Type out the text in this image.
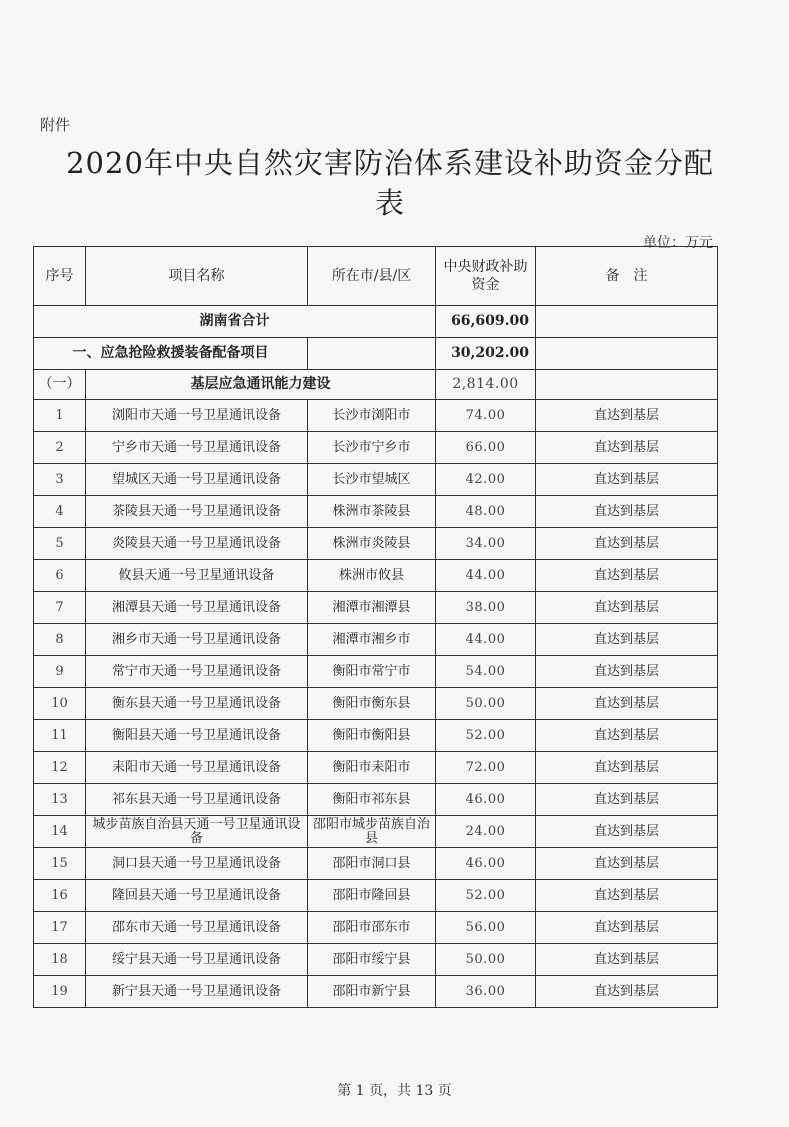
附件
2020年中央自然灾害防治体系建设补助资金分配
表
单位：万元
序号	项目名称	所在市/县/区	中央财政补助资金	备　注
湖南省合计			66,609.00	
一、应急抢险救援装备配备项目			30,202.00	
（一）	基层应急通讯能力建设		2,814.00	
1	浏阳市天通一号卫星通讯设备	长沙市浏阳市	74.00	直达到基层
2	宁乡市天通一号卫星通讯设备	长沙市宁乡市	66.00	直达到基层
3	望城区天通一号卫星通讯设备	长沙市望城区	42.00	直达到基层
4	茶陵县天通一号卫星通讯设备	株洲市茶陵县	48.00	直达到基层
5	炎陵县天通一号卫星通讯设备	株洲市炎陵县	34.00	直达到基层
6	攸县天通一号卫星通讯设备	株洲市攸县	44.00	直达到基层
7	湘潭县天通一号卫星通讯设备	湘潭市湘潭县	38.00	直达到基层
8	湘乡市天通一号卫星通讯设备	湘潭市湘乡市	44.00	直达到基层
9	常宁市天通一号卫星通讯设备	衡阳市常宁市	54.00	直达到基层
10	衡东县天通一号卫星通讯设备	衡阳市衡东县	50.00	直达到基层
11	衡阳县天通一号卫星通讯设备	衡阳市衡阳县	52.00	直达到基层
12	耒阳市天通一号卫星通讯设备	衡阳市耒阳市	72.00	直达到基层
13	祁东县天通一号卫星通讯设备	衡阳市祁东县	46.00	直达到基层
14	城步苗族自治县天通一号卫星通讯设备	邵阳市城步苗族自治县	24.00	直达到基层
15	洞口县天通一号卫星通讯设备	邵阳市洞口县	46.00	直达到基层
16	隆回县天通一号卫星通讯设备	邵阳市隆回县	52.00	直达到基层
17	邵东市天通一号卫星通讯设备	邵阳市邵东市	56.00	直达到基层
18	绥宁县天通一号卫星通讯设备	邵阳市绥宁县	50.00	直达到基层
19	新宁县天通一号卫星通讯设备	邵阳市新宁县	36.00	直达到基层
第 1 页，共 13 页
